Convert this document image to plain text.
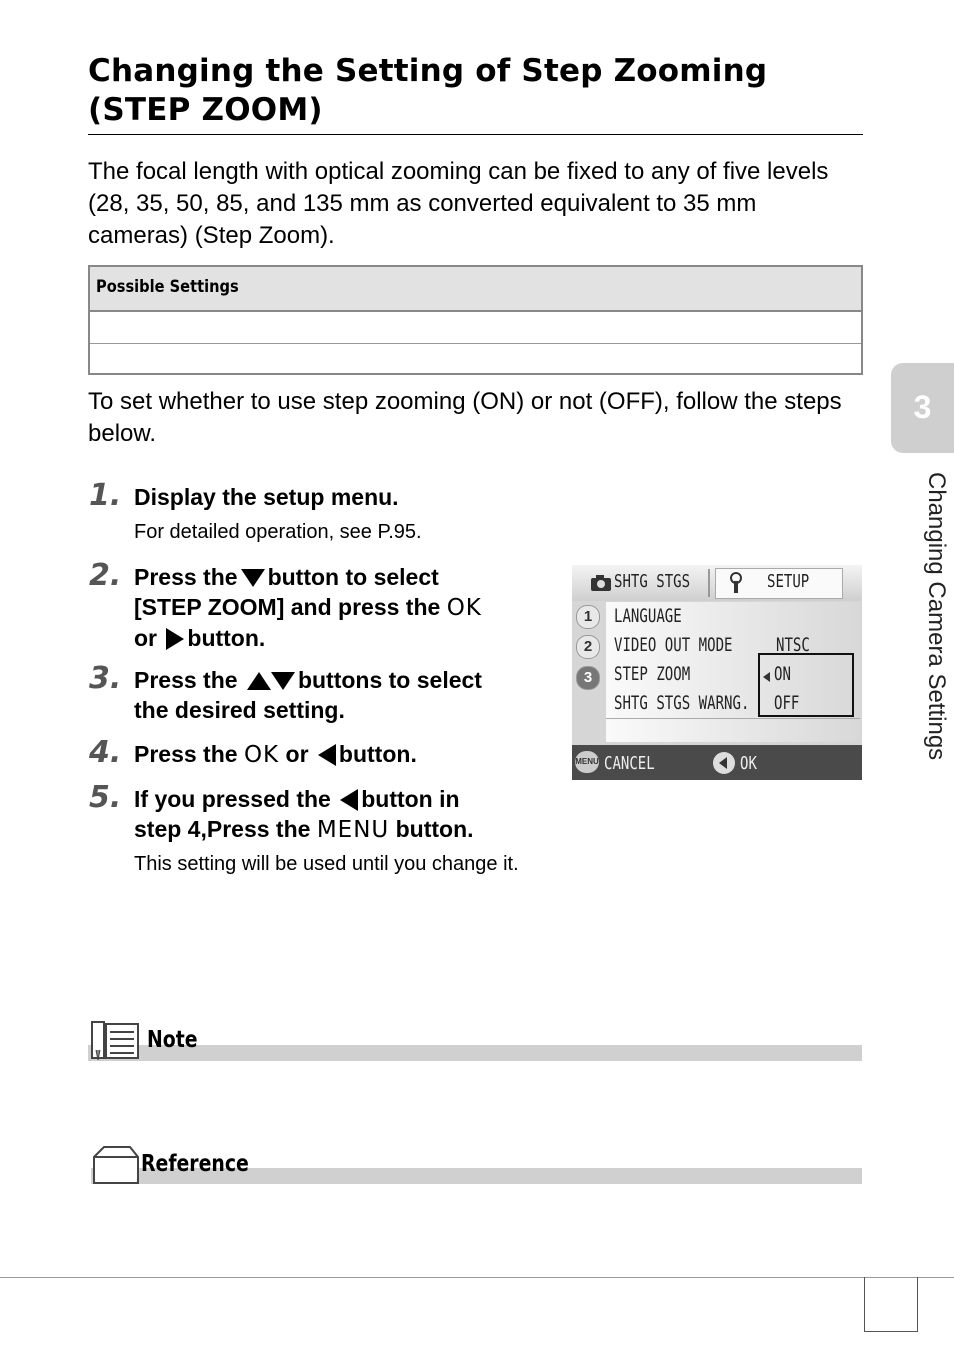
Changing the Setting of Step Zooming (STEP ZOOM)
The focal length with optical zooming can be fixed to any of five levels (28, 35, 50, 85, and 135 mm as converted equivalent to 35 mm cameras) (Step Zoom).
Possible Settings
To set whether to use step zooming (ON) or not (OFF), follow the steps below.
1. Display the setup menu.
For detailed operation, see P.95.
2. Press the button to select
[STEP ZOOM] and press the OK
or button.
3. Press the	buttons to select
the desired setting.
4. Press the OK or button.
5. If you pressed the button in
step 4,Press the MENU button.
This setting will be used until you change it.
SHTG STGS	SETUP
1
2
3
LANGUAGE
VIDEO OUT MODE NTSC
STEP ZOOM	ON
SHTG STGS WARNG. OFF
MENU CANCEL	OK
3
Changing Camera Settings
Note
Reference
